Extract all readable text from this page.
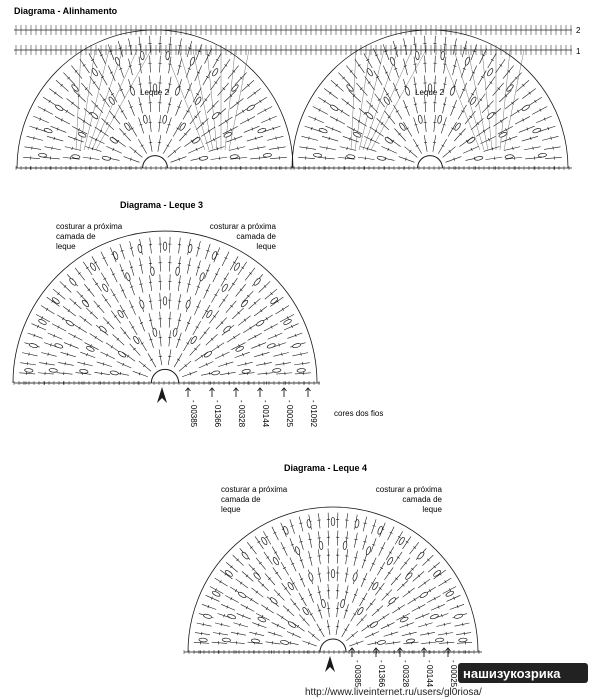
Diagrama - Alinhamento
2
1
Leque 2	Leque 2
Diagrama - Leque 3
costurar a próxima
camada de
leque
costurar a próxima
camada de
leque
- 00385 - 01366 - 00328 - 00144 - 00025 - 01092 cores dos fios
Diagrama - Leque 4
costurar a próxima
camada de
leque
costurar a próxima
camada de
leque
- 00385 - 01366 - 00328 - 00144 - 00025 нашизукозрика
http://www.liveinternet.ru/users/gl0riosa/
